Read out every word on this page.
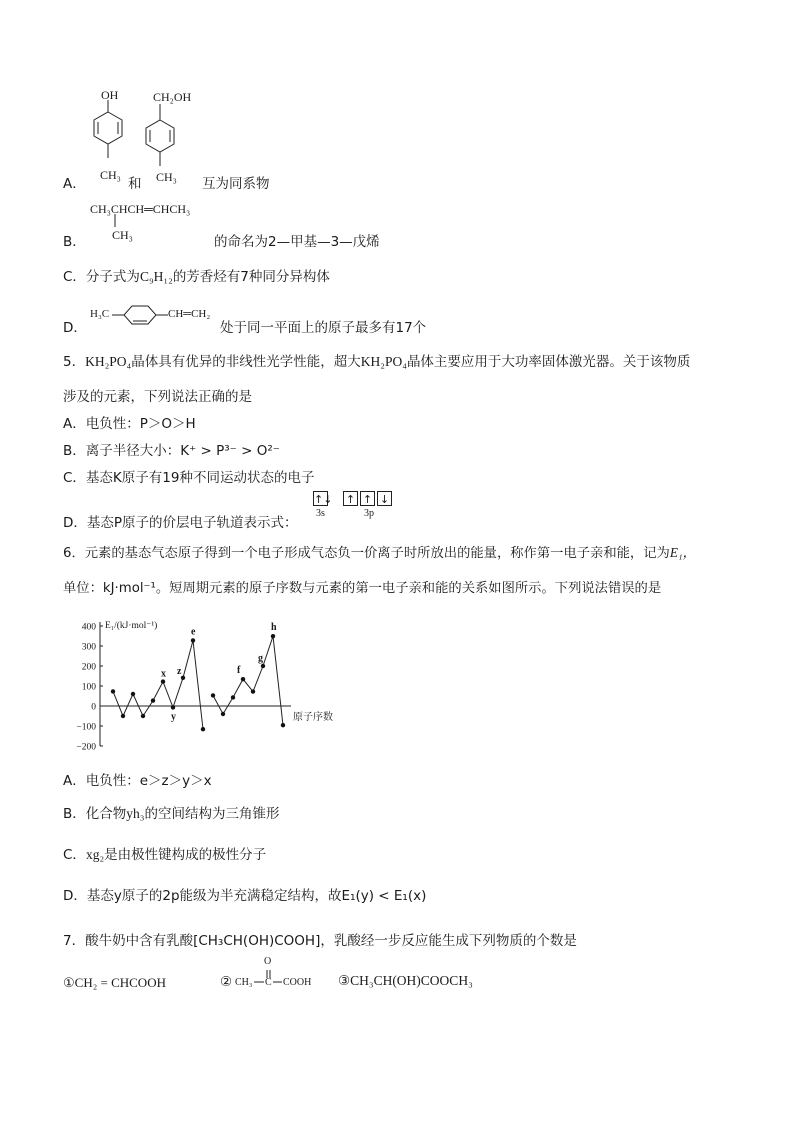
OH	CH₂OH
A．
CH₃
和 CH₃ 互为同系物
CH₃CHCH═CHCH₃
B． CH₃	的命名为2—甲基—3—戊烯
C．分子式为C₉H₁₂的芳香烃有7种同分异构体
D．
H₃C	CH═CH₂
处于同一平面上的原子最多有17个
5．KH₂PO₄晶体具有优异的非线性光学性能，超大KH₂PO₄晶体主要应用于大功率固体激光器。关于该物质
涉及的元素，下列说法正确的是
A．电负性：P＞O＞H
B．离子半径大小：K⁺ > P³⁻ > O²⁻
C．基态K原子有19种不同运动状态的电子
D．基态P原子的价层电子轨道表示式：
↑↓
3s
↑ ↑ ↓
3p
6．元素的基态气态原子得到一个电子形成气态负一价离子时所放出的能量，称作第一电子亲和能，记为E₁，
单位：kJ·mol⁻¹。短周期元素的原子序数与元素的第一电子亲和能的关系如图所示。下列说法错误的是
400
300
200
100
0
−100
−200
E₁/(kJ·mol⁻¹)
原子序数
x
y
z
e
f
g
h
A．电负性：e＞z＞y＞x
B．化合物yh₃的空间结构为三角锥形
C．xg₂是由极性键构成的极性分子
D．基态y原子的2p能级为半充满稳定结构，故E₁(y) < E₁(x)
7．酸牛奶中含有乳酸[CH₃CH(OH)COOH]，乳酸经一步反应能生成下列物质的个数是
①CH₂ = CHCOOH	② CH₃
O
C COOH ③CH₃CH(OH)COOCH₃
